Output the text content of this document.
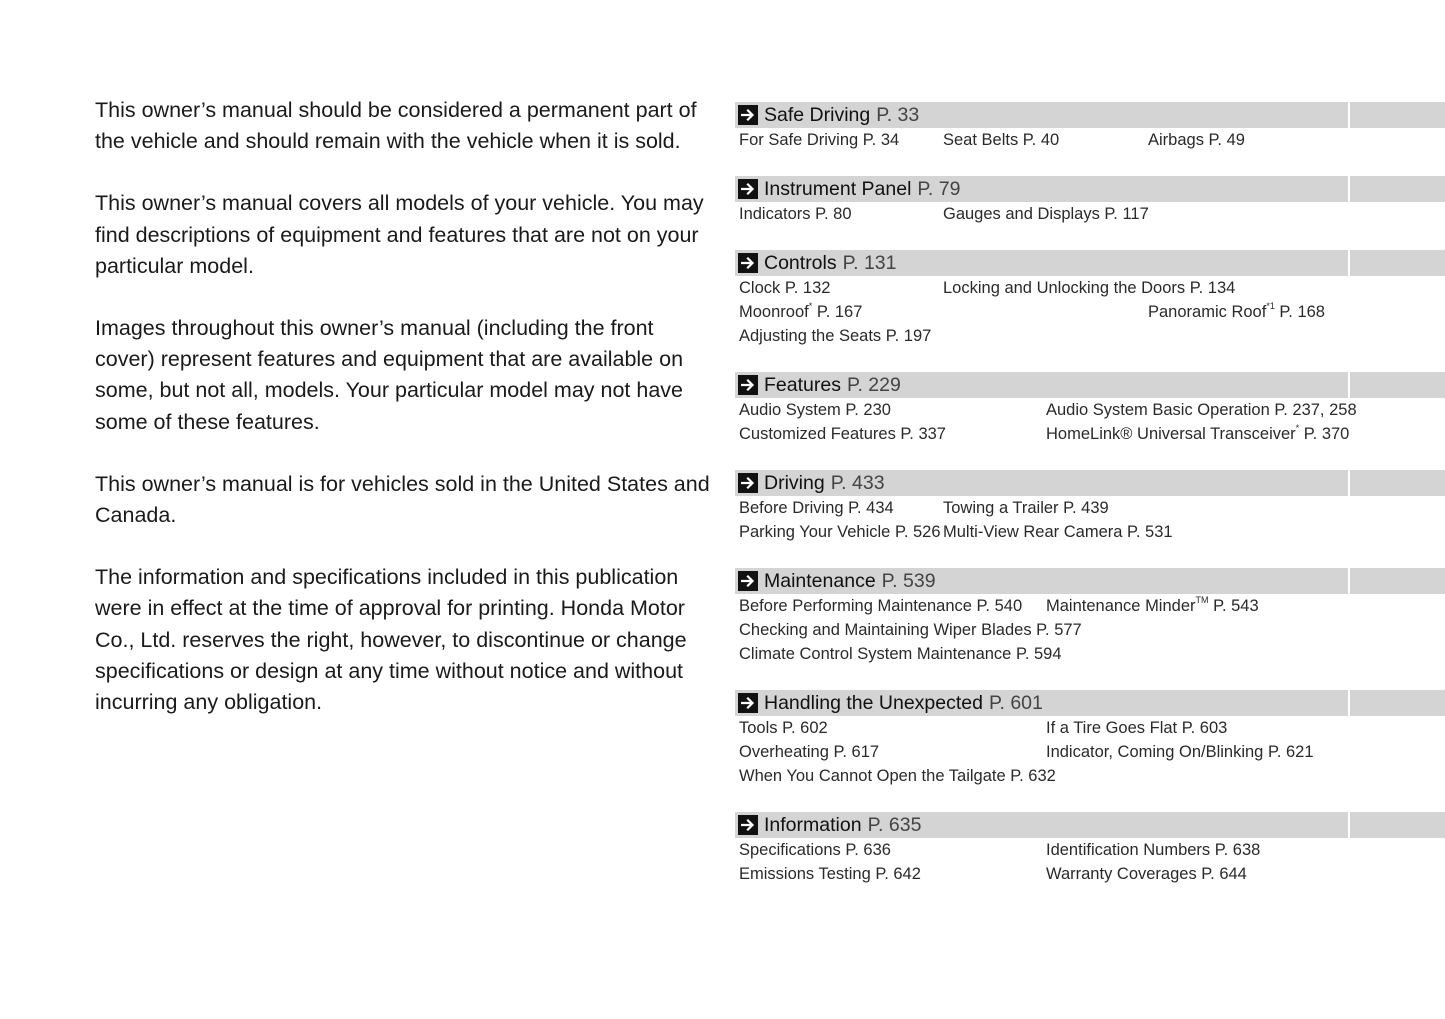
This owner’s manual should be considered a permanent part of the vehicle and should remain with the vehicle when it is sold.

This owner’s manual covers all models of your vehicle. You may find descriptions of equipment and features that are not on your particular model.

Images throughout this owner’s manual (including the front cover) represent features and equipment that are available on some, but not all, models. Your particular model may not have some of these features.

This owner’s manual is for vehicles sold in the United States and Canada.

The information and specifications included in this publication were in effect at the time of approval for printing. Honda Motor Co., Ltd. reserves the right, however, to discontinue or change specifications or design at any time without notice and without incurring any obligation.

Safe Driving P. 33
For Safe Driving P. 34	Seat Belts P. 40	Airbags P. 49
Instrument Panel P. 79
Indicators P. 80	Gauges and Displays P. 117
Controls P. 131
Clock P. 132	Locking and Unlocking the Doors P. 134
Moonroof* P. 167	Panoramic Roof$^{*1}$ P. 168
Adjusting the Seats P. 197
Features P. 229
Audio System P. 230	Audio System Basic Operation P. 237, 258
Customized Features P. 337	HomeLink® Universal Transceiver* P. 370
Driving P. 433
Before Driving P. 434	Towing a Trailer P. 439
Parking Your Vehicle P. 526 Multi-View Rear Camera P. 531
Maintenance P. 539
Before Performing Maintenance P. 540 Maintenance Minder™ P. 543
Checking and Maintaining Wiper Blades P. 577
Climate Control System Maintenance P. 594
Handling the Unexpected P. 601
Tools P. 602	If a Tire Goes Flat P. 603
Overheating P. 617	Indicator, Coming On/Blinking P. 621
When You Cannot Open the Tailgate P. 632
Information P. 635
Specifications P. 636	Identification Numbers P. 638
Emissions Testing P. 642	Warranty Coverages P. 644
